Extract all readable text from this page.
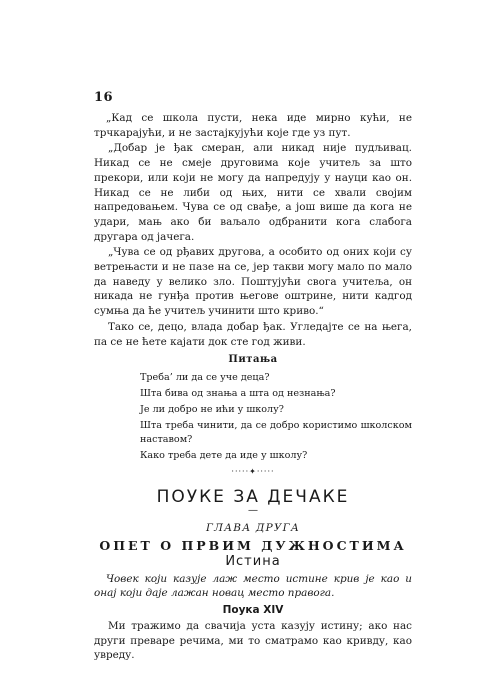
16

„Кад се школа пусти, нека иде мирно кући, не трчкарајући, и не застајкујући које где уз пут.

„Добар је ђак смеран, али никад није пудљивац. Никад се не смеје друговима које учитељ за што прекори, или који не могу да напредују у науци као он. Никад се не либи од њих, нити се хвали својим напредовањем. Чува се од свађе, а још више да кога не удари, мањ ако би ваљало одбранити кога слабога другара од јачега.

„Чува се од рђавих другова, а особито од оних који су ветрењасти и не пазе на се, јер такви могу мало по мало да наведу у велико зло. Поштујући свога учитеља, он никада не гунђа против његове оштрине, нити кадгод сумња да ће учитељ учинити што криво.“

Тако се, децо, влада добар ђак. Угледајте се на њега, па се не ћете кајати док сте год живи.

Питања

Треба’ ли да се уче деца?

Шта бива од знања а шта од незнања?

Је ли добро не ићи у школу?

Шта треба чинити, да се добро користимо школском наставом?

Како треба дете да иде у школу?

·····✦·····
ПОУКЕ ЗА ДЕЧАКЕ
—
ГЛАВА ДРУГА
ОПЕТ О ПРВИМ ДУЖНОСТИМА
Истина

Човек који казује лаж место истине крив је као и онај који даје лажан новац место правога.

Поука XIV

Ми тражимо да свачија уста казују истину; ако нас други преваре речима, ми то сматрамо као кривду, као увреду.
